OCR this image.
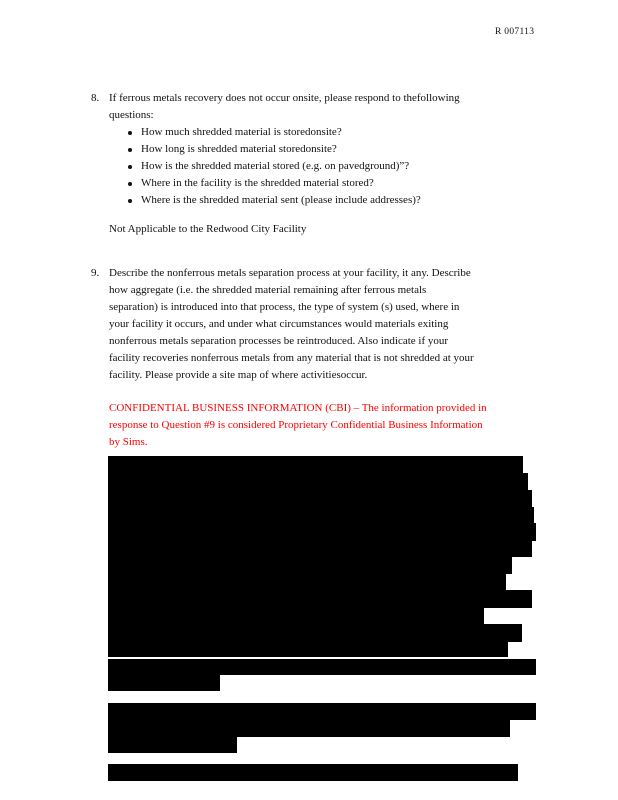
R 007113
8. If ferrous metals recovery does not occur onsite, please respond to thefollowing
questions:
How much shredded material is storedonsite?
How long is shredded material storedonsite?
How is the shredded material stored (e.g. on pavedground)”?
Where in the facility is the shredded material stored?
Where is the shredded material sent (please include addresses)?
Not Applicable to the Redwood City Facility
9. Describe the nonferrous metals separation process at your facility, it any. Describe
how aggregate (i.e. the shredded material remaining after ferrous metals
separation) is introduced into that process, the type of system (s) used, where in
your facility it occurs, and under what circumstances would materials exiting
nonferrous metals separation processes be reintroduced. Also indicate if your
facility recoveries nonferrous metals from any material that is not shredded at your
facility. Please provide a site map of where activitiesoccur.
CONFIDENTIAL BUSINESS INFORMATION (CBI) – The information provided in
response to Question #9 is considered Proprietary Confidential Business Information
by Sims.
